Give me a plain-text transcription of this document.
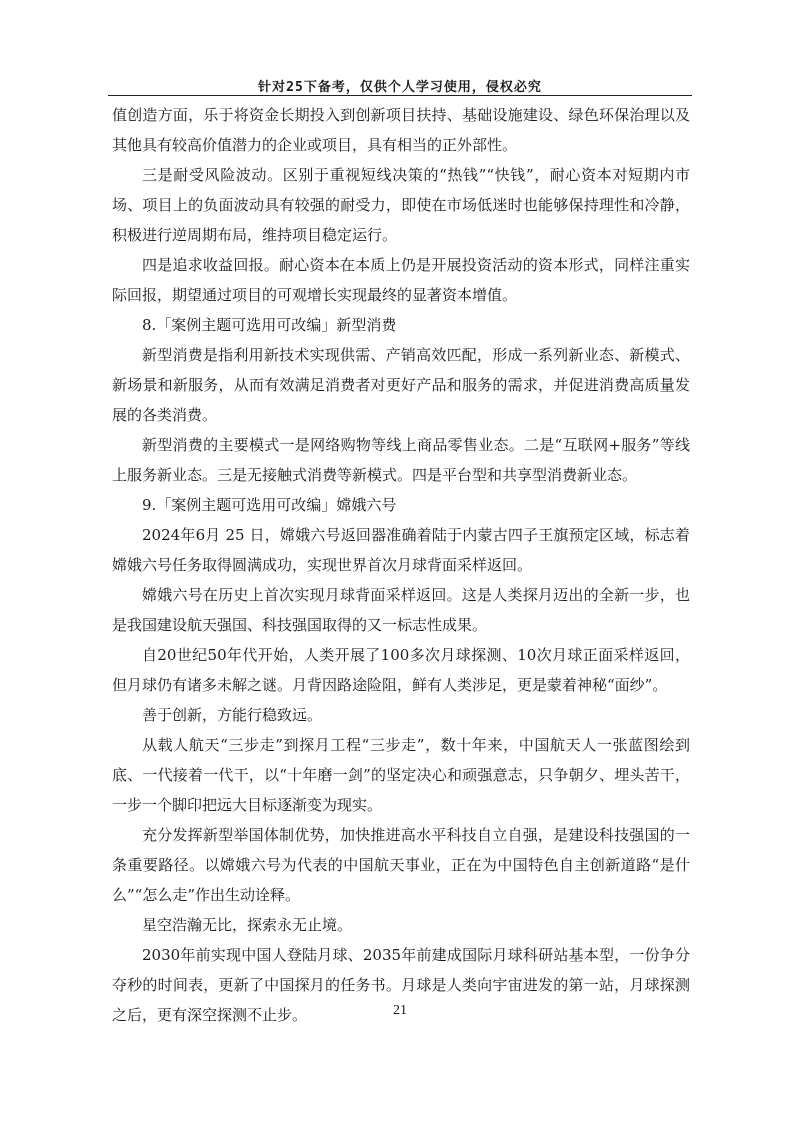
针对25下备考，仅供个人学习使用，侵权必究

值创造方面，乐于将资金长期投入到创新项目扶持、基础设施建设、绿色环保治理以及其他具有较高价值潜力的企业或项目，具有相当的正外部性。

三是耐受风险波动。区别于重视短线决策的“热钱”“快钱”，耐心资本对短期内市场、项目上的负面波动具有较强的耐受力，即使在市场低迷时也能够保持理性和冷静，积极进行逆周期布局，维持项目稳定运行。

四是追求收益回报。耐心资本在本质上仍是开展投资活动的资本形式，同样注重实际回报，期望通过项目的可观增长实现最终的显著资本增值。

8.「案例主题可选用可改编」新型消费

新型消费是指利用新技术实现供需、产销高效匹配，形成一系列新业态、新模式、新场景和新服务，从而有效满足消费者对更好产品和服务的需求，并促进消费高质量发展的各类消费。

新型消费的主要模式一是网络购物等线上商品零售业态。二是“互联网+服务”等线上服务新业态。三是无接触式消费等新模式。四是平台型和共享型消费新业态。

9.「案例主题可选用可改编」嫦娥六号

2024年6月 25 日，嫦娥六号返回器准确着陆于内蒙古四子王旗预定区域，标志着嫦娥六号任务取得圆满成功，实现世界首次月球背面采样返回。

嫦娥六号在历史上首次实现月球背面采样返回。这是人类探月迈出的全新一步，也是我国建设航天强国、科技强国取得的又一标志性成果。

自20世纪50年代开始，人类开展了100多次月球探测、10次月球正面采样返回，但月球仍有诸多未解之谜。月背因路途险阻，鲜有人类涉足，更是蒙着神秘“面纱”。

善于创新，方能行稳致远。

从载人航天“三步走”到探月工程“三步走”，数十年来，中国航天人一张蓝图绘到底、一代接着一代干，以“十年磨一剑”的坚定决心和顽强意志，只争朝夕、埋头苦干，一步一个脚印把远大目标逐渐变为现实。

充分发挥新型举国体制优势，加快推进高水平科技自立自强，是建设科技强国的一条重要路径。以嫦娥六号为代表的中国航天事业，正在为中国特色自主创新道路“是什么”“怎么走”作出生动诠释。

星空浩瀚无比，探索永无止境。

2030年前实现中国人登陆月球、2035年前建成国际月球科研站基本型，一份争分夺秒的时间表，更新了中国探月的任务书。月球是人类向宇宙进发的第一站，月球探测之后，更有深空探测不止步。	21
